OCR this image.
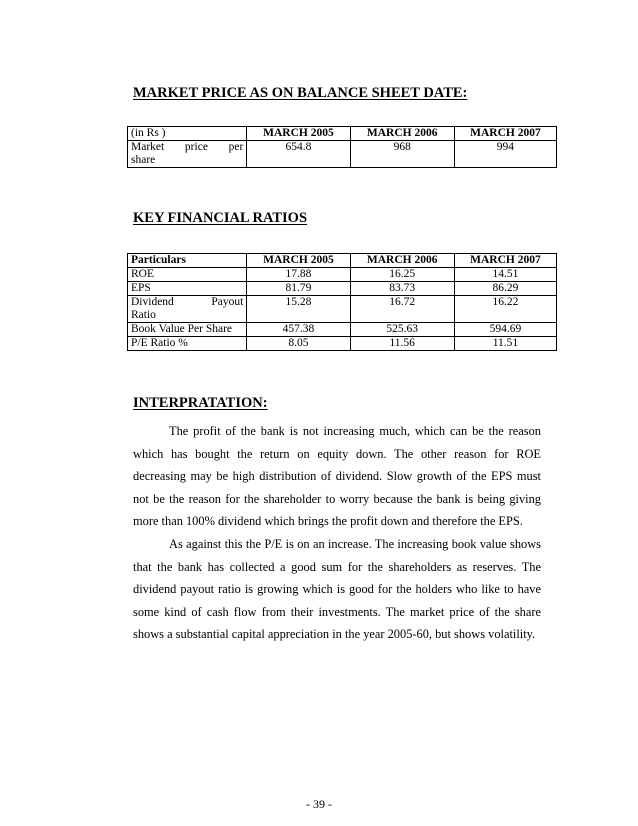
MARKET PRICE AS ON BALANCE SHEET DATE:
(in Rs )	MARCH 2005	MARCH 2006	MARCH 2007
Market price per
share	654.8	968	994
KEY FINANCIAL RATIOS
Particulars	MARCH 2005	MARCH 2006	MARCH 2007
ROE	17.88	16.25	14.51
EPS	81.79	83.73	86.29
Dividend Payout
Ratio	15.28	16.72	16.22
Book Value Per Share	457.38	525.63	594.69
P/E Ratio %	8.05	11.56	11.51
INTERPRATATION:

The profit of the bank is not increasing much, which can be the reason which has bought the return on equity down. The other reason for ROE decreasing may be high distribution of dividend. Slow growth of the EPS must not be the reason for the shareholder to worry because the bank is being giving more than 100% dividend which brings the profit down and therefore the EPS.

As against this the P/E is on an increase. The increasing book value shows that the bank has collected a good sum for the shareholders as reserves. The dividend payout ratio is growing which is good for the holders who like to have some kind of cash flow from their investments. The market price of the share shows a substantial capital appreciation in the year 2005-60, but shows volatility.

- 39 -
